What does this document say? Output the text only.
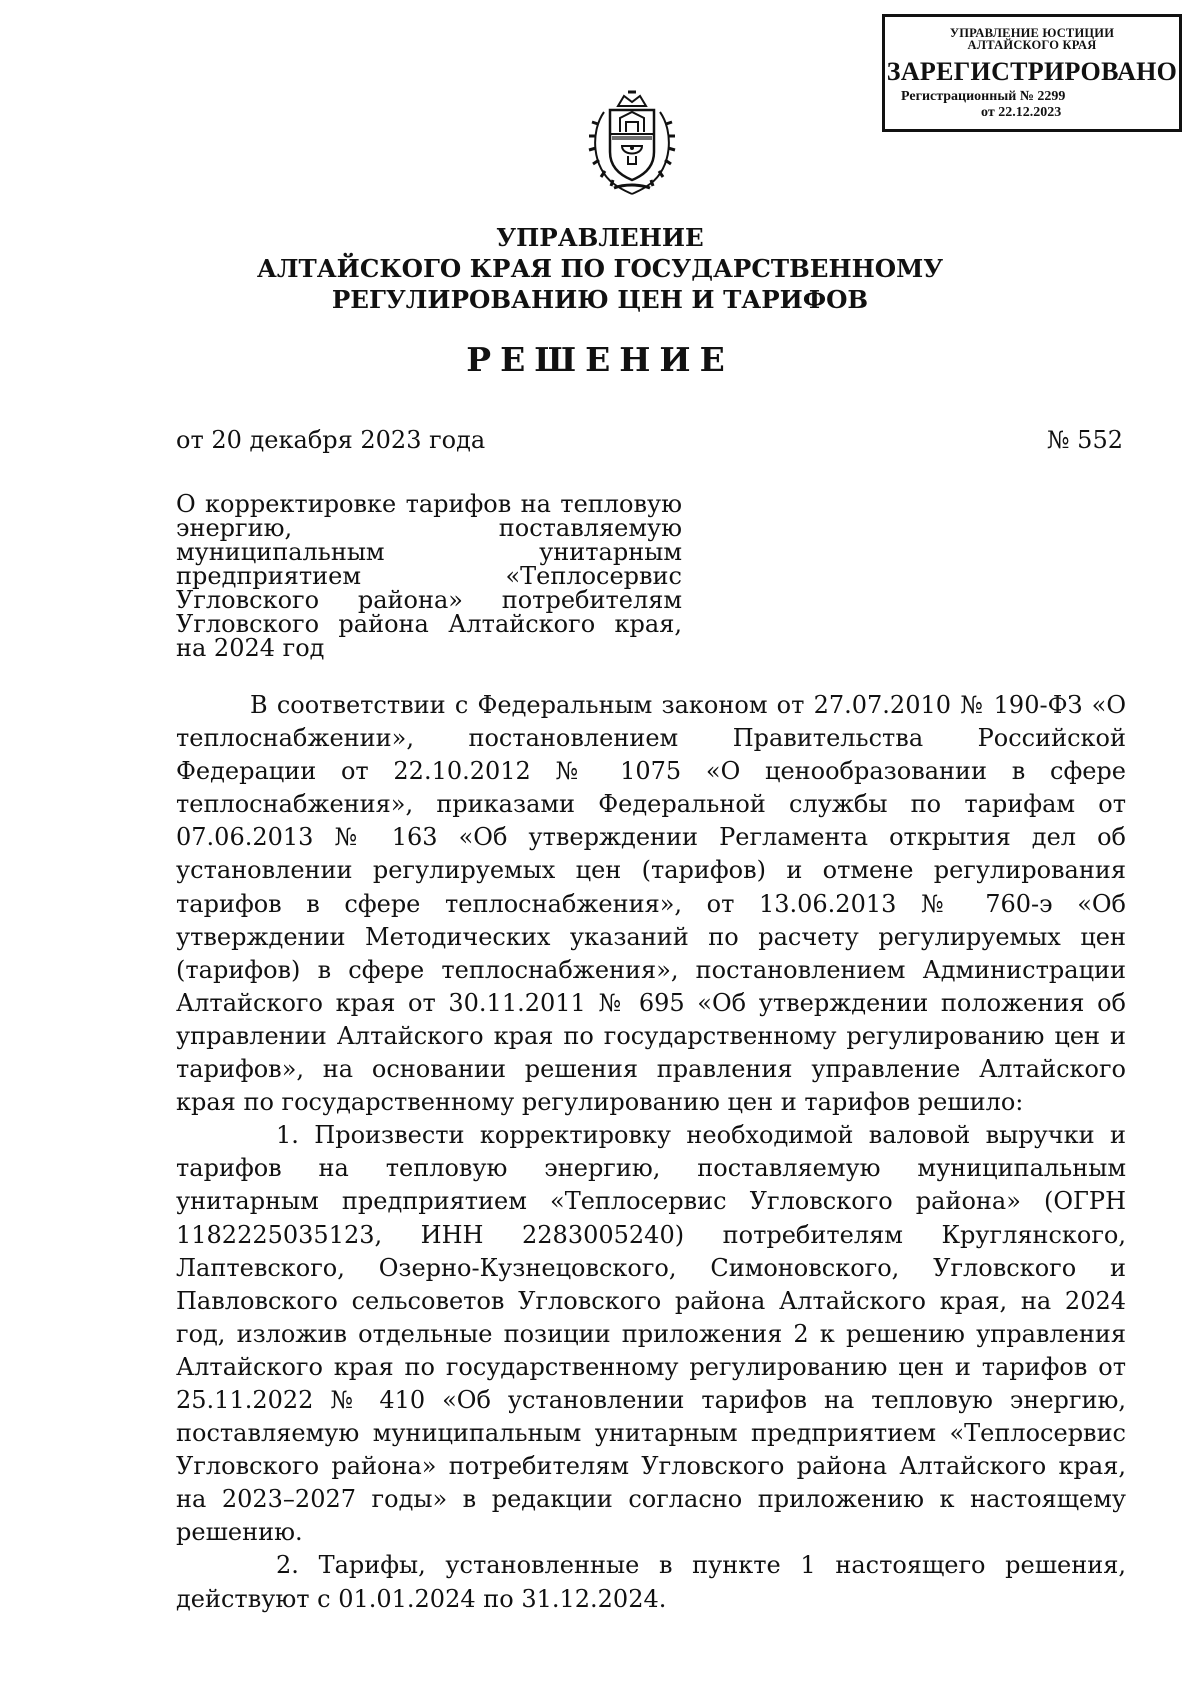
УПРАВЛЕНИЕ ЮСТИЦИИ
АЛТАЙСКОГО КРАЯ
ЗАРЕГИСТРИРОВАНО
Регистрационный № 2299
от 22.12.2023
УПРАВЛЕНИЕ
АЛТАЙСКОГО КРАЯ ПО ГОСУДАРСТВЕННОМУ
РЕГУЛИРОВАНИЮ ЦЕН И ТАРИФОВ
РЕШЕНИЕ
от 20 декабря 2023 года	№ 552
О корректировке тарифов на тепловую энергию, поставляемую муниципальным унитарным предприятием «Теплосервис Угловского района» потребителям Угловского района Алтайского края, на 2024 год

В соответствии с Федеральным законом от 27.07.2010 № 190-ФЗ «О теплоснабжении», постановлением Правительства Российской Федерации от 22.10.2012 № 1075 «О ценообразовании в сфере теплоснабжения», приказами Федеральной службы по тарифам от 07.06.2013 № 163 «Об утверждении Регламента открытия дел об установлении регулируемых цен (тарифов) и отмене регулирования тарифов в сфере теплоснабжения», от 13.06.2013 № 760-э «Об утверждении Методических указаний по расчету регулируемых цен (тарифов) в сфере теплоснабжения», постановлением Администрации Алтайского края от 30.11.2011 № 695 «Об утверждении положения об управлении Алтайского края по государственному регулированию цен и тарифов», на основании решения правления управление Алтайского края по государственному регулированию цен и тарифов решило:

1. Произвести корректировку необходимой валовой выручки и тарифов на тепловую энергию, поставляемую муниципальным унитарным предприятием «Теплосервис Угловского района» (ОГРН 1182225035123, ИНН 2283005240) потребителям Круглянского, Лаптевского, Озерно-Кузнецовского, Симоновского, Угловского и Павловского сельсоветов Угловского района Алтайского края, на 2024 год, изложив отдельные позиции приложения 2 к решению управления Алтайского края по государственному регулированию цен и тарифов от 25.11.2022 № 410 «Об установлении тарифов на тепловую энергию, поставляемую муниципальным унитарным предприятием «Теплосервис Угловского района» потребителям Угловского района Алтайского края, на 2023–2027 годы» в редакции согласно приложению к настоящему решению.

2. Тарифы, установленные в пункте 1 настоящего решения, действуют с 01.01.2024 по 31.12.2024.
